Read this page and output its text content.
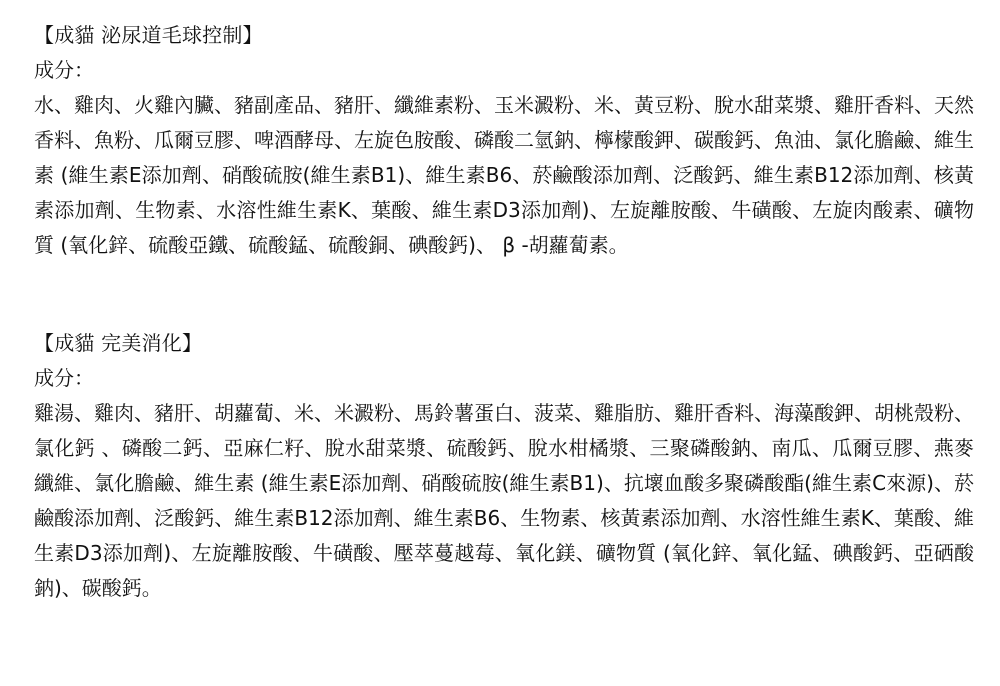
【成貓 泌尿道毛球控制】

成分：

水、雞肉、火雞內臟、豬副產品、豬肝、纖維素粉、玉米澱粉、米、黃豆粉、脫水甜菜漿、雞肝香料、天然香料、魚粉、瓜爾豆膠、啤酒酵母、左旋色胺酸、磷酸二氫鈉、檸檬酸鉀、碳酸鈣、魚油、氯化膽鹼、維生素 (維生素E添加劑、硝酸硫胺(維生素B1)、維生素B6、菸鹼酸添加劑、泛酸鈣、維生素B12添加劑、核黃素添加劑、生物素、水溶性維生素K、葉酸、維生素D3添加劑)、左旋離胺酸、牛磺酸、左旋肉酸素、礦物質 (氧化鋅、硫酸亞鐵、硫酸錳、硫酸銅、碘酸鈣)、 β -胡蘿蔔素。

【成貓 完美消化】

成分：

雞湯、雞肉、豬肝、胡蘿蔔、米、米澱粉、馬鈴薯蛋白、菠菜、雞脂肪、雞肝香料、海藻酸鉀、胡桃殼粉、氯化鈣 、磷酸二鈣、亞麻仁籽、脫水甜菜漿、硫酸鈣、脫水柑橘漿、三聚磷酸鈉、南瓜、瓜爾豆膠、燕麥纖維、氯化膽鹼、維生素 (維生素E添加劑、硝酸硫胺(維生素B1)、抗壞血酸多聚磷酸酯(維生素C來源)、菸鹼酸添加劑、泛酸鈣、維生素B12添加劑、維生素B6、生物素、核黃素添加劑、水溶性維生素K、葉酸、維生素D3添加劑)、左旋離胺酸、牛磺酸、壓萃蔓越莓、氧化鎂、礦物質 (氧化鋅、氧化錳、碘酸鈣、亞硒酸鈉)、碳酸鈣。
